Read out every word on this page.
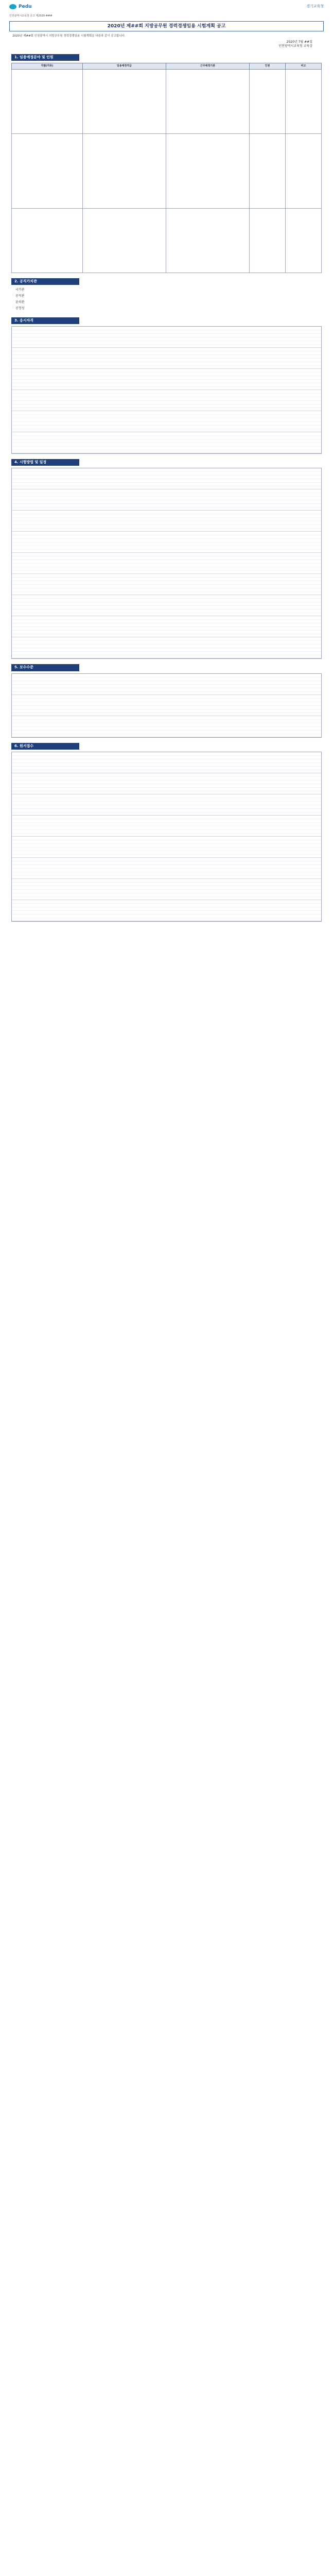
Pedu	경기교육청
인천광역시교육청 공고 제2020-###
2020년 제##회 지방공무원 경력경쟁임용 시험계획 공고
2020년 제##회 인천광역시 지방공무원 경력경쟁임용 시험계획을 다음과 같이 공고합니다.
2020년 7월 ##일
인천광역시교육청 교육감
1. 임용예정분야 및 인원
직렬(직류)	임용예정직급	근무예정기관	인원	비고

2. 공직가치관
국가관
공직관
윤리관
공정성
3. 응시자격
4. 시험방법 및 일정
5. 보수수준
6. 원서접수
